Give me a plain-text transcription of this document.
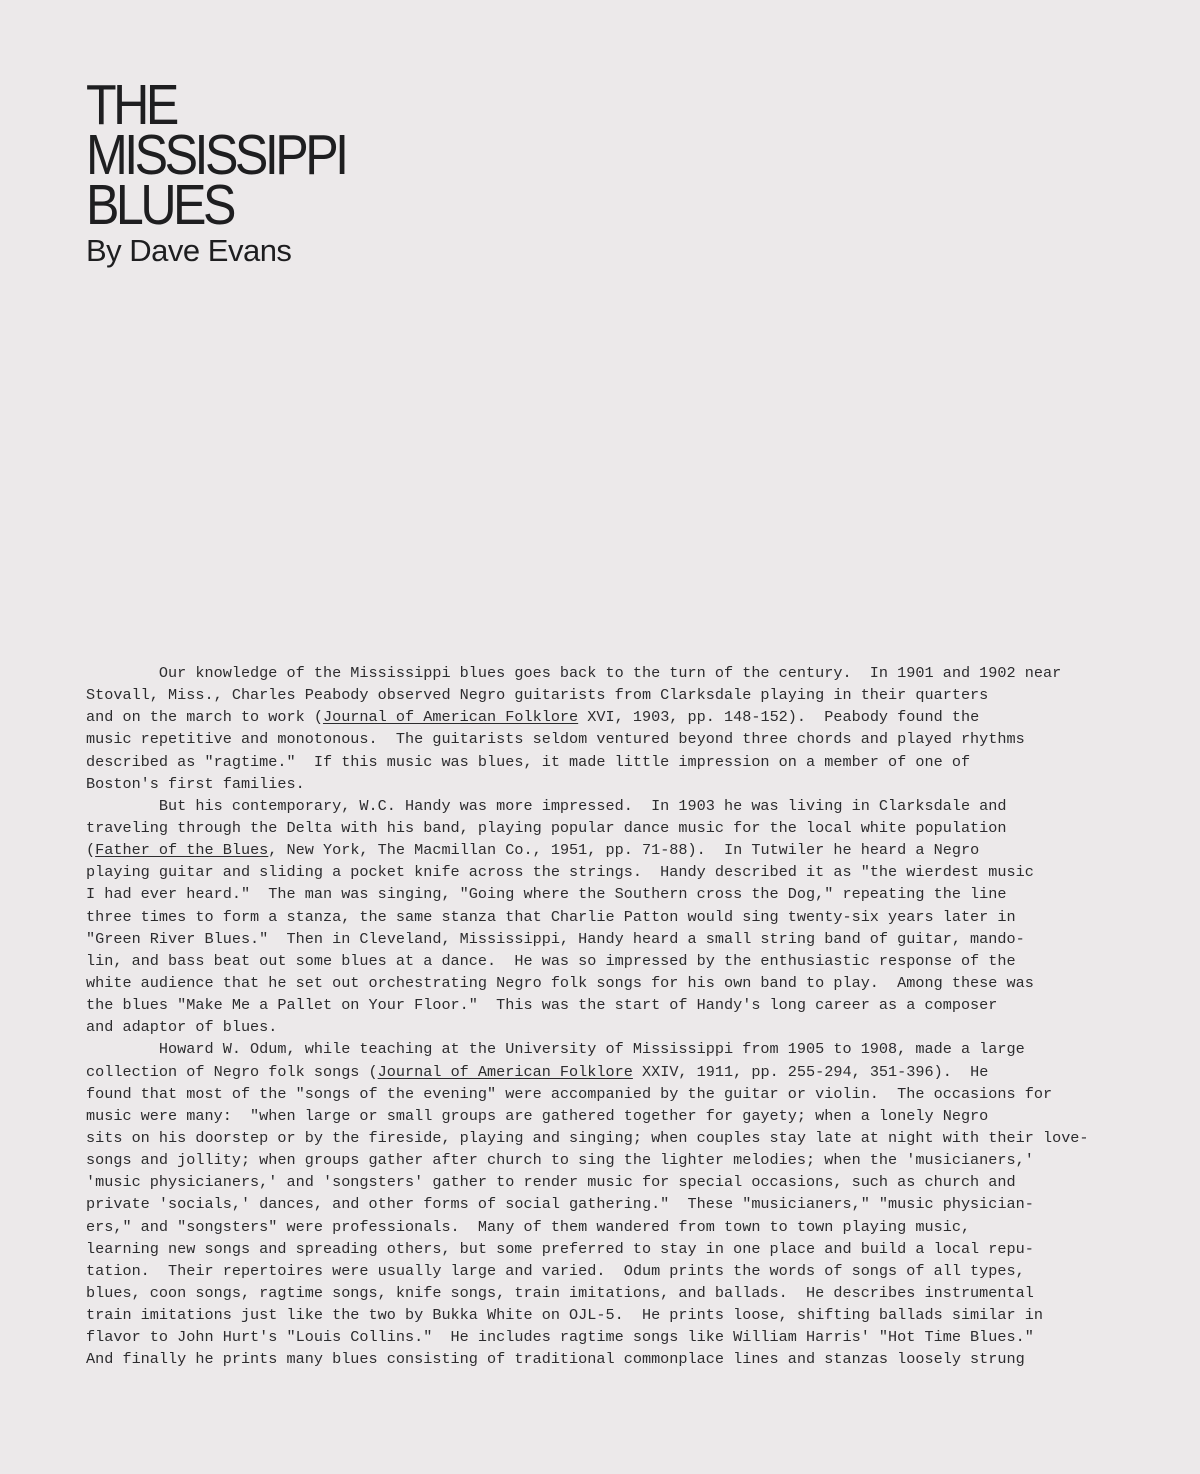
THE
MISSISSIPPI
BLUES
By Dave Evans
Our knowledge of the Mississippi blues goes back to the turn of the century.  In 1901 and 1902 near
Stovall, Miss., Charles Peabody observed Negro guitarists from Clarksdale playing in their quarters
and on the march to work (Journal of American Folklore XVI, 1903, pp. 148-152).  Peabody found the
music repetitive and monotonous.  The guitarists seldom ventured beyond three chords and played rhythms
described as "ragtime."  If this music was blues, it made little impression on a member of one of
Boston's first families.
But his contemporary, W.C. Handy was more impressed.  In 1903 he was living in Clarksdale and
traveling through the Delta with his band, playing popular dance music for the local white population
(Father of the Blues, New York, The Macmillan Co., 1951, pp. 71-88).  In Tutwiler he heard a Negro
playing guitar and sliding a pocket knife across the strings.  Handy described it as "the wierdest music
I had ever heard."  The man was singing, "Going where the Southern cross the Dog," repeating the line
three times to form a stanza, the same stanza that Charlie Patton would sing twenty-six years later in
"Green River Blues."  Then in Cleveland, Mississippi, Handy heard a small string band of guitar, mando-
lin, and bass beat out some blues at a dance.  He was so impressed by the enthusiastic response of the
white audience that he set out orchestrating Negro folk songs for his own band to play.  Among these was
the blues "Make Me a Pallet on Your Floor."  This was the start of Handy's long career as a composer
and adaptor of blues.
Howard W. Odum, while teaching at the University of Mississippi from 1905 to 1908, made a large
collection of Negro folk songs (Journal of American Folklore XXIV, 1911, pp. 255-294, 351-396).  He
found that most of the "songs of the evening" were accompanied by the guitar or violin.  The occasions for
music were many:  "when large or small groups are gathered together for gayety; when a lonely Negro
sits on his doorstep or by the fireside, playing and singing; when couples stay late at night with their love-
songs and jollity; when groups gather after church to sing the lighter melodies; when the 'musicianers,'
'music physicianers,' and 'songsters' gather to render music for special occasions, such as church and
private 'socials,' dances, and other forms of social gathering."  These "musicianers," "music physician-
ers," and "songsters" were professionals.  Many of them wandered from town to town playing music,
learning new songs and spreading others, but some preferred to stay in one place and build a local repu-
tation.  Their repertoires were usually large and varied.  Odum prints the words of songs of all types,
blues, coon songs, ragtime songs, knife songs, train imitations, and ballads.  He describes instrumental
train imitations just like the two by Bukka White on OJL-5.  He prints loose, shifting ballads similar in
flavor to John Hurt's "Louis Collins."  He includes ragtime songs like William Harris' "Hot Time Blues."
And finally he prints many blues consisting of traditional commonplace lines and stanzas loosely strung
